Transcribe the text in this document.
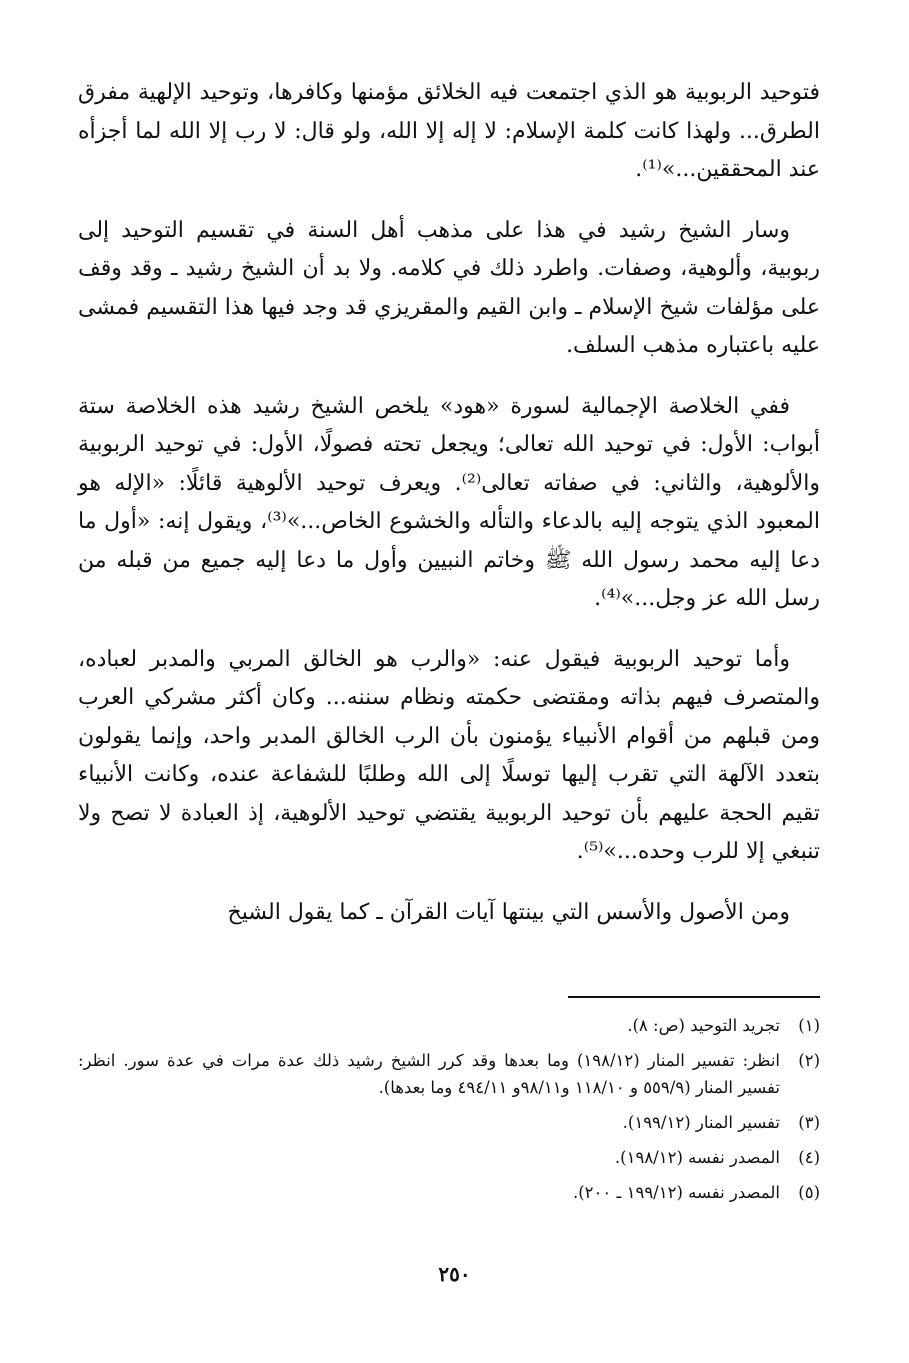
فتوحيد الربوبية هو الذي اجتمعت فيه الخلائق مؤمنها وكافرها، وتوحيد الإلهية مفرق الطرق... ولهذا كانت كلمة الإسلام: لا إله إلا الله، ولو قال: لا رب إلا الله لما أجزأه عند المحققين...»⁽¹⁾.

وسار الشيخ رشيد في هذا على مذهب أهل السنة في تقسيم التوحيد إلى ربوبية، وألوهية، وصفات. واطرد ذلك في كلامه. ولا بد أن الشيخ رشيد ـ وقد وقف على مؤلفات شيخ الإسلام ـ وابن القيم والمقريزي قد وجد فيها هذا التقسيم فمشى عليه باعتباره مذهب السلف.

ففي الخلاصة الإجمالية لسورة «هود» يلخص الشيخ رشيد هذه الخلاصة ستة أبواب: الأول: في توحيد الله تعالى؛ ويجعل تحته فصولًا، الأول: في توحيد الربوبية والألوهية، والثاني: في صفاته تعالى⁽²⁾. ويعرف توحيد الألوهية قائلًا: «الإله هو المعبود الذي يتوجه إليه بالدعاء والتأله والخشوع الخاص...»⁽³⁾، ويقول إنه: «أول ما دعا إليه محمد رسول الله ﷺ وخاتم النبيين وأول ما دعا إليه جميع من قبله من رسل الله عز وجل...»⁽⁴⁾.

وأما توحيد الربوبية فيقول عنه: «والرب هو الخالق المربي والمدبر لعباده، والمتصرف فيهم بذاته ومقتضى حكمته ونظام سننه... وكان أكثر مشركي العرب ومن قبلهم من أقوام الأنبياء يؤمنون بأن الرب الخالق المدبر واحد، وإنما يقولون بتعدد الآلهة التي تقرب إليها توسلًا إلى الله وطلبًا للشفاعة عنده، وكانت الأنبياء تقيم الحجة عليهم بأن توحيد الربوبية يقتضي توحيد الألوهية، إذ العبادة لا تصح ولا تنبغي إلا للرب وحده...»⁽⁵⁾.

ومن الأصول والأسس التي بينتها آيات القرآن ـ كما يقول الشيخ

(١)
تجريد التوحيد (ص: ٨).
(٢)
انظر: تفسير المنار (١٩٨/١٢) وما بعدها وقد كرر الشيخ رشيد ذلك عدة مرات في عدة سور. انظر: تفسير المنار (٥٥٩/٩ و ١١٨/١٠ و٩٨/١١و ٤٩٤/١١ وما بعدها).
(٣)
تفسير المنار (١٩٩/١٢).
(٤)
المصدر نفسه (١٩٨/١٢).
(٥)
المصدر نفسه (١٩٩/١٢ ـ ٢٠٠).
٢٥٠
